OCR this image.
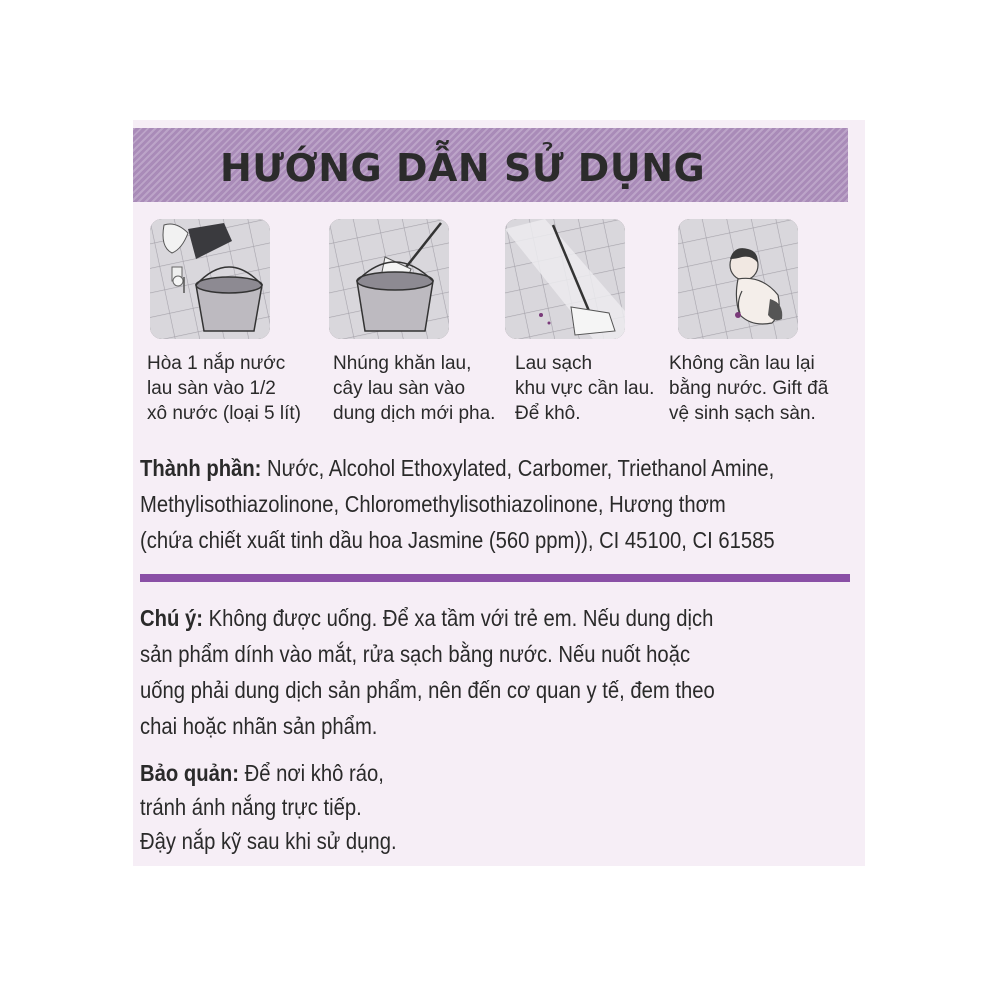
HƯỚNG DẪN SỬ DỤNG
Hòa 1 nắp nước
lau sàn vào 1/2
xô nước (loại 5 lít)
Nhúng khăn lau,
cây lau sàn vào
dung dịch mới pha.
Lau sạch
khu vực cần lau.
Để khô.
Không cần lau lại
bằng nước. Gift đã
vệ sinh sạch sàn.
Thành phần: Nước, Alcohol Ethoxylated, Carbomer, Triethanol Amine,
Methylisothiazolinone, Chloromethylisothiazolinone, Hương thơm
(chứa chiết xuất tinh dầu hoa Jasmine (560 ppm)), CI 45100, CI 61585
Chú ý: Không được uống. Để xa tầm với trẻ em. Nếu dung dịch
sản phẩm dính vào mắt, rửa sạch bằng nước. Nếu nuốt hoặc
uống phải dung dịch sản phẩm, nên đến cơ quan y tế, đem theo
chai hoặc nhãn sản phẩm.
Bảo quản: Để nơi khô ráo,
tránh ánh nắng trực tiếp.
Đậy nắp kỹ sau khi sử dụng.
